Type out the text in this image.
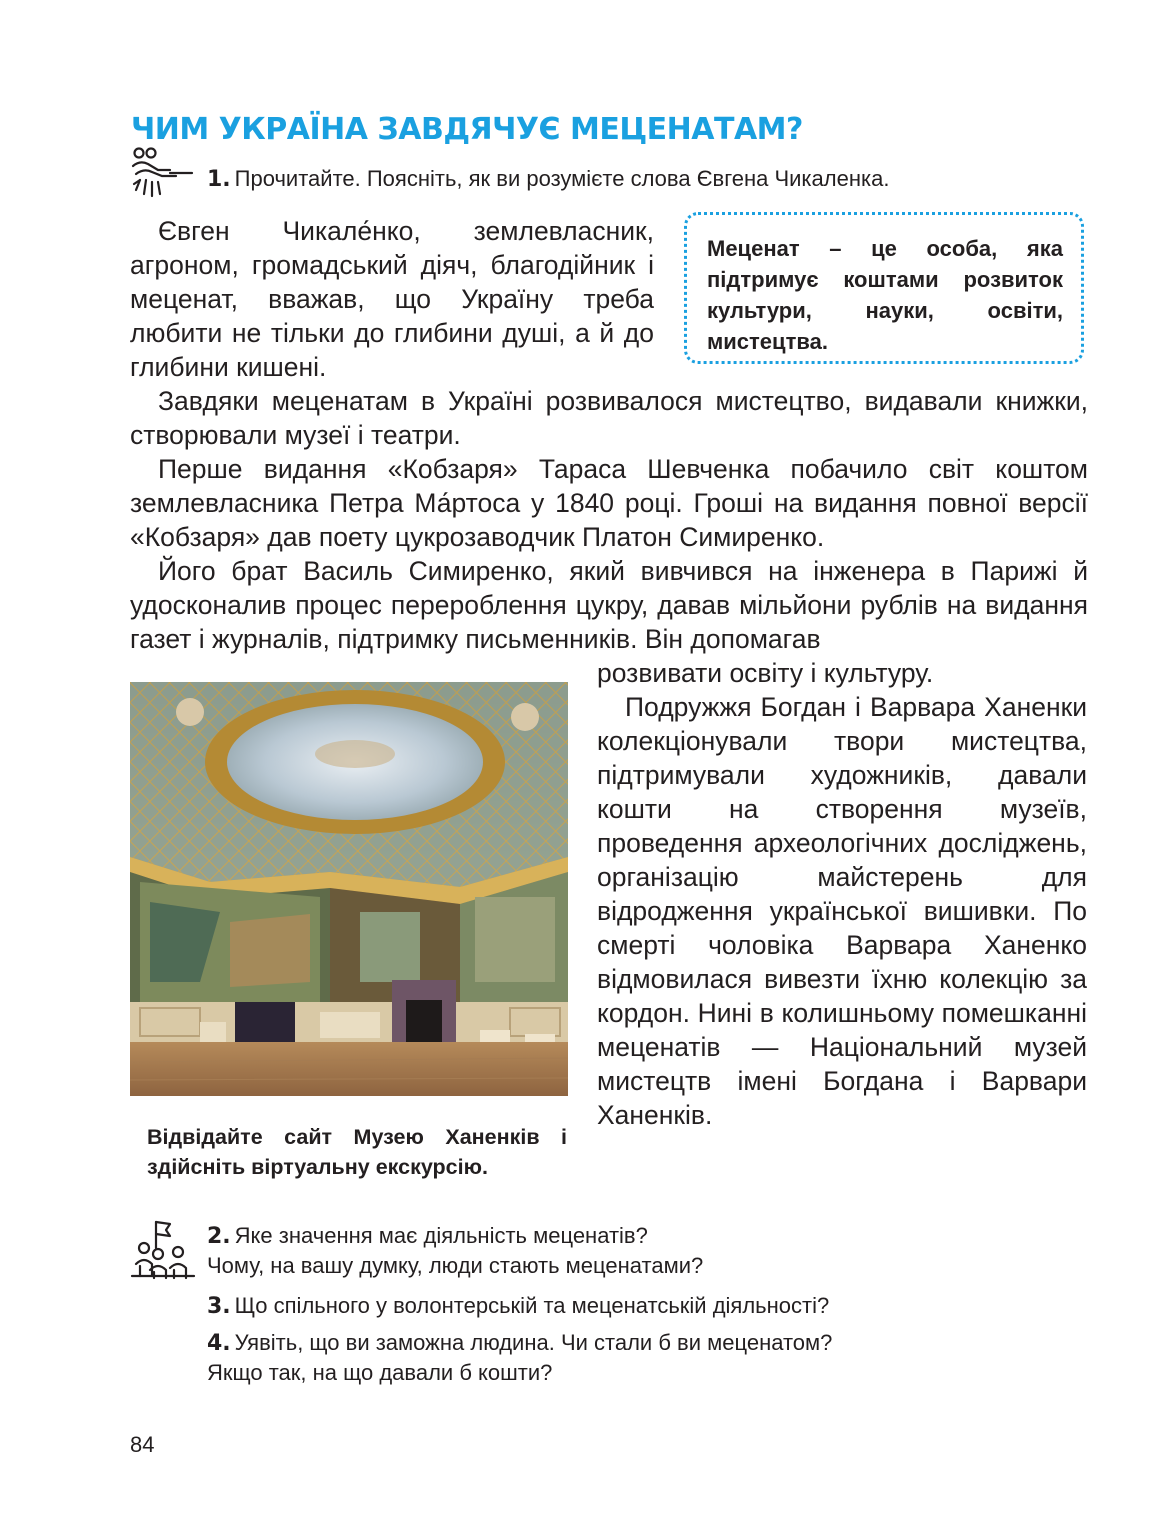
ЧИМ УКРАЇНА ЗАВДЯЧУЄ МЕЦЕНАТАМ?
1. Прочитайте. Поясніть, як ви розумієте слова Євгена Чикаленка.

Євген Чикале́нко, землевласник, агроном, громадський діяч, благодійник і меценат, вважав, що Україну треба любити не тільки до глибини душі, а й до глибини кишені.

Меценат – це особа, яка підтримує коштами розвиток культури, науки, освіти, мистецтва.

Завдяки меценатам в Україні розвивалося мистецтво, видавали книжки, створювали музеї і театри.

Перше видання «Кобзаря» Тараса Шевченка побачило світ коштом землевласника Петра Ма́ртоса у 1840 році. Гроші на видання повної версії «Кобзаря» дав поету цукрозаводчик Платон Симиренко.

Його брат Василь Симиренко, який вивчився на інженера в Парижі й удосконалив процес перероблення цукру, давав мільйони рублів на видання газет і журналів, підтримку письменників. Він допомагав

розвивати освіту і культуру.

Подружжя Богдан і Варвара Ханенки колекціонували твори мистецтва, підтримували художників, давали кошти на створення музеїв, проведення археологічних досліджень, організацію майстерень для відродження української вишивки. По смерті чоловіка Варвара Ханенко відмовилася вивезти їхню колекцію за кордон. Нині в колишньому помешканні меценатів — Національний музей мистецтв імені Богдана і Варвари Ханенків.

Відвідайте сайт Музею Ханенків і здійсніть віртуальну екскурсію.

2. Яке значення має діяльність меценатів?
Чому, на вашу думку, люди стають меценатами?
3. Що спільного у волонтерській та меценатській діяльності?
4. Уявіть, що ви заможна людина. Чи стали б ви меценатом?
Якщо так, на що давали б кошти?
84
